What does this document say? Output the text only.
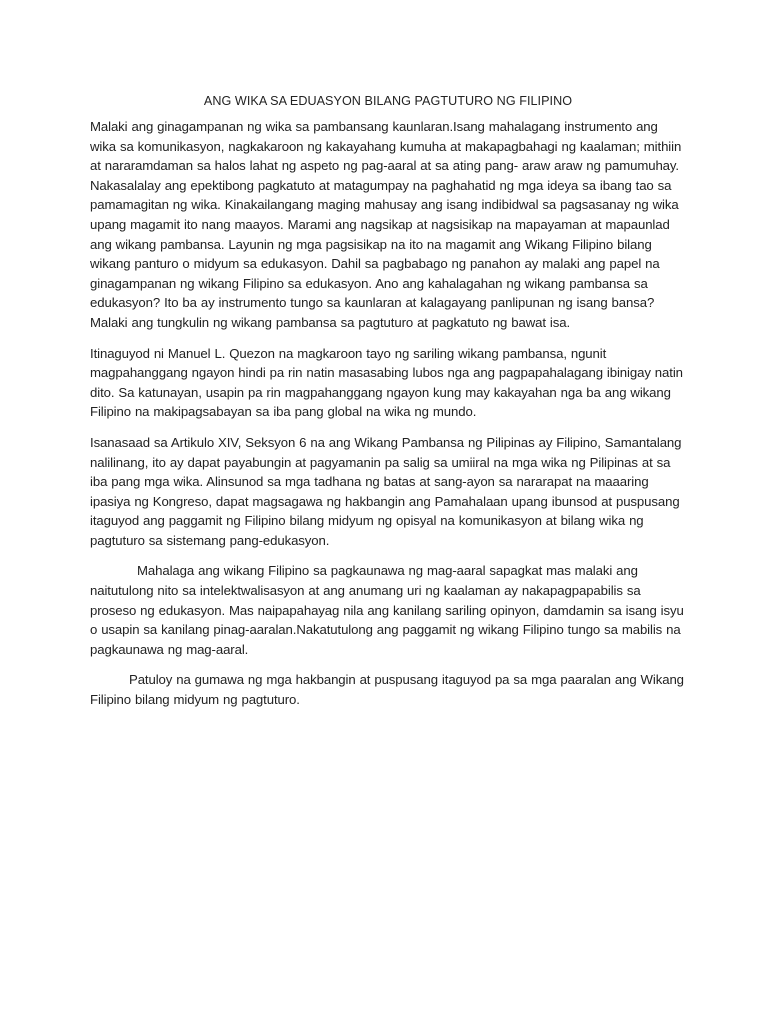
ANG WIKA SA EDUASYON BILANG PAGTUTURO NG FILIPINO

Malaki ang ginagampanan ng wika sa pambansang kaunlaran.Isang mahalagang instrumento ang wika sa komunikasyon, nagkakaroon ng kakayahang kumuha at makapagbahagi ng kaalaman; mithiin at nararamdaman sa halos lahat ng aspeto ng pag-aaral at sa ating pang- araw araw ng pamumuhay. Nakasalalay ang epektibong pagkatuto at matagumpay na paghahatid ng mga ideya sa ibang tao sa pamamagitan ng wika. Kinakailangang maging mahusay ang isang indibidwal sa pagsasanay ng wika upang magamit ito nang maayos. Marami ang nagsikap at nagsisikap na mapayaman at mapaunlad ang wikang pambansa. Layunin ng mga pagsisikap na ito na magamit ang Wikang Filipino bilang wikang panturo o midyum sa edukasyon. Dahil sa pagbabago ng panahon ay malaki ang papel na ginagampanan ng wikang Filipino sa edukasyon. Ano ang kahalagahan ng wikang pambansa sa edukasyon? Ito ba ay instrumento tungo sa kaunlaran at kalagayang panlipunan ng isang bansa? Malaki ang tungkulin ng wikang pambansa sa pagtuturo at pagkatuto ng bawat isa.

Itinaguyod ni Manuel L. Quezon na magkaroon tayo ng sariling wikang pambansa, ngunit magpahanggang ngayon hindi pa rin natin masasabing lubos nga ang pagpapahalagang ibinigay natin dito. Sa katunayan, usapin pa rin magpahanggang ngayon kung may kakayahan nga ba ang wikang Filipino na makipagsabayan sa iba pang global na wika ng mundo.

Isanasaad sa Artikulo XIV, Seksyon 6 na ang Wikang Pambansa ng Pilipinas ay Filipino, Samantalang nalilinang, ito ay dapat payabungin at pagyamanin pa salig sa umiiral na mga wika ng Pilipinas at sa iba pang mga wika. Alinsunod sa mga tadhana ng batas at sang-ayon sa nararapat na maaaring ipasiya ng Kongreso, dapat magsagawa ng hakbangin ang Pamahalaan upang ibunsod at puspusang itaguyod ang paggamit ng Filipino bilang midyum ng opisyal na komunikasyon at bilang wika ng pagtuturo sa sistemang pang-edukasyon.

Mahalaga ang wikang Filipino sa pagkaunawa ng mag-aaral sapagkat mas malaki ang naitutulong nito sa intelektwalisasyon at ang anumang uri ng kaalaman ay nakapagpapabilis sa proseso ng edukasyon. Mas naipapahayag nila ang kanilang sariling opinyon, damdamin sa isang isyu o usapin sa kanilang pinag-aaralan.Nakatutulong ang paggamit ng wikang Filipino tungo sa mabilis na pagkaunawa ng mag-aaral.

Patuloy na gumawa ng mga hakbangin at puspusang itaguyod pa sa mga paaralan ang Wikang Filipino bilang midyum ng pagtuturo.
